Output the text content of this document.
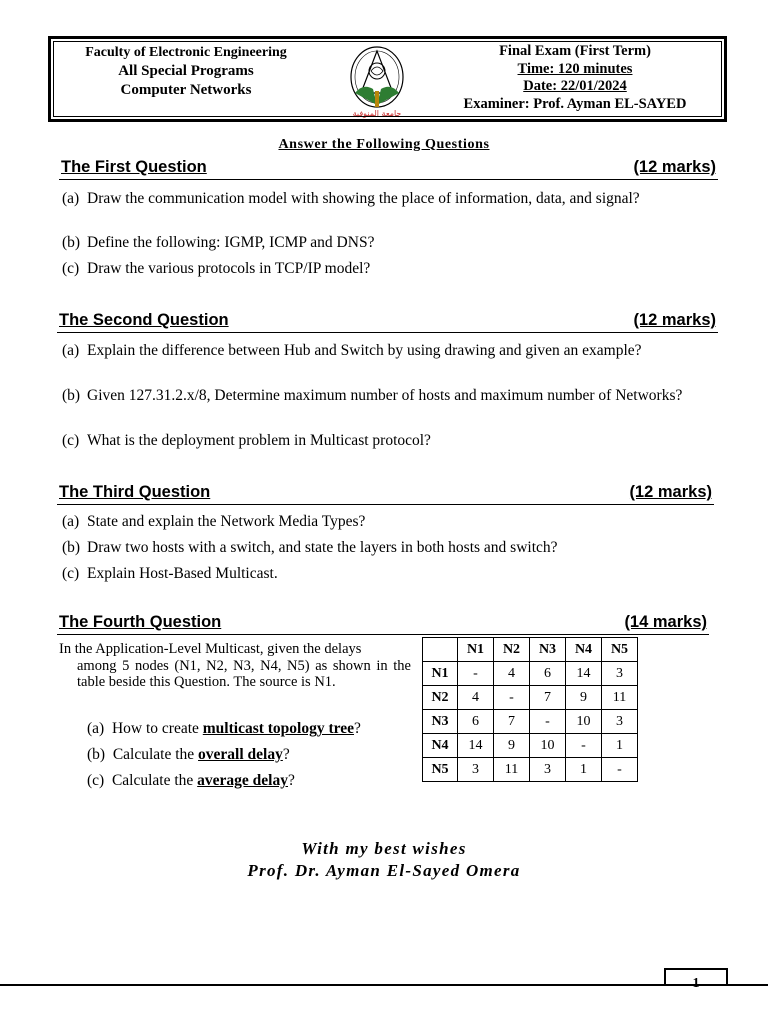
Faculty of Electronic Engineering
All Special Programs
Computer Networks
جامعة المنوفية
Final Exam (First Term)
Time: 120 minutes
Date: 22/01/2024
Examiner: Prof. Ayman EL-SAYED
Answer the Following Questions
The First Question	(12 marks)
(a) Draw the communication model with showing the place of information, data, and signal?
(b) Define the following: IGMP, ICMP and DNS?
(c) Draw the various protocols in TCP/IP model?
The Second Question	(12 marks)
(a) Explain the difference between Hub and Switch by using drawing and given an example?
(b) Given 127.31.2.x/8, Determine maximum number of hosts and maximum number of Networks?
(c) What is the deployment problem in Multicast protocol?
The Third Question	(12 marks)
(a) State and explain the Network Media Types?
(b) Draw two hosts with a switch, and state the layers in both hosts and switch?
(c) Explain Host-Based Multicast.
The Fourth Question	(14 marks)
In the Application-Level Multicast, given the delays
among 5 nodes (N1, N2, N3, N4, N5) as shown in the table beside this Question. The source is N1.
(a) How to create multicast topology tree?
(b) Calculate the overall delay?
(c) Calculate the average delay?
	N1	N2	N3	N4	N5
N1	-	4	6	14	3
N2	4	-	7	9	11
N3	6	7	-	10	3
N4	14	9	10	-	1
N5	3	11	3	1	-
With my best wishes
Prof. Dr. Ayman El-Sayed Omera
1
